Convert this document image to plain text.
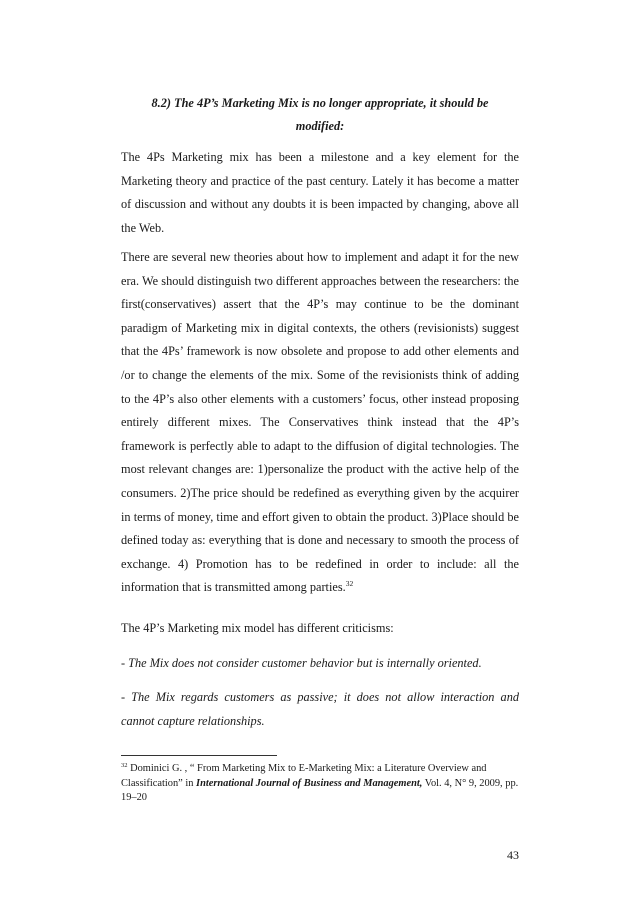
8.2) The 4P’s Marketing Mix is no longer appropriate, it should be
modified:

The 4Ps Marketing mix has been a milestone and a key element for the Marketing theory and practice of the past century. Lately it has become a matter of discussion and without any doubts it is been impacted by changing, above all the Web.

There are several new theories about how to implement and adapt it for the new era. We should distinguish two different approaches between the researchers: the first(conservatives) assert that the 4P’s may continue to be the dominant paradigm of Marketing mix in digital contexts, the others (revisionists) suggest that the 4Ps’ framework is now obsolete and propose to add other elements and /or to change the elements of the mix. Some of the revisionists think of adding to the 4P’s also other elements with a customers’ focus, other instead proposing entirely different mixes. The Conservatives think instead that the 4P’s framework is perfectly able to adapt to the diffusion of digital technologies. The most relevant changes are: 1)personalize the product with the active help of the consumers. 2)The price should be redefined as everything given by the acquirer in terms of money, time and effort given to obtain the product. 3)Place should be defined today as: everything that is done and necessary to smooth the process of exchange. 4) Promotion has to be redefined in order to include: all the information that is transmitted among parties.$^{32}$

The 4P’s Marketing mix model has different criticisms:

- The Mix does not consider customer behavior but is internally oriented.

- The Mix regards customers as passive; it does not allow interaction and cannot capture relationships.

$^{32}$ Dominici G. , “ From Marketing Mix to E-Marketing Mix: a Literature Overview and Classification” in International Journal of Business and Management, Vol. 4, N° 9, 2009, pp. 19–20

43
